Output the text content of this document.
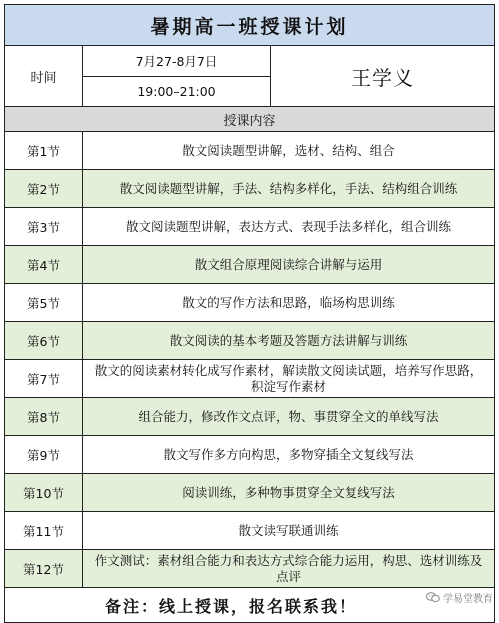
暑期高一班授课计划		
时间	7月27-8月7日	王学义
	19:00–21:00	
授课内容		
第1节	散文阅读题型讲解，选材、结构、组合	
第2节	散文阅读题型讲解，手法、结构多样化，手法、结构组合训练	
第3节	散文阅读题型讲解，表达方式、表现手法多样化，组合训练	
第4节	散文组合原理阅读综合讲解与运用	
第5节	散文的写作方法和思路，临场构思训练	
第6节	散文阅读的基本考题及答题方法讲解与训练	
第7节	散文的阅读素材转化成写作素材，解读散文阅读试题，培养写作思路，积淀写作素材	
第8节	组合能力，修改作文点评，物、事贯穿全文的单线写法	
第9节	散文写作多方向构思，多物穿插全文复线写法	
第10节	阅读训练，多种物事贯穿全文复线写法	
第11节	散文读写联通训练	
第12节	作文测试：素材组合能力和表达方式综合能力运用，构思、选材训练及点评	
备注：线上授课，报名联系我！			学易堂教育
